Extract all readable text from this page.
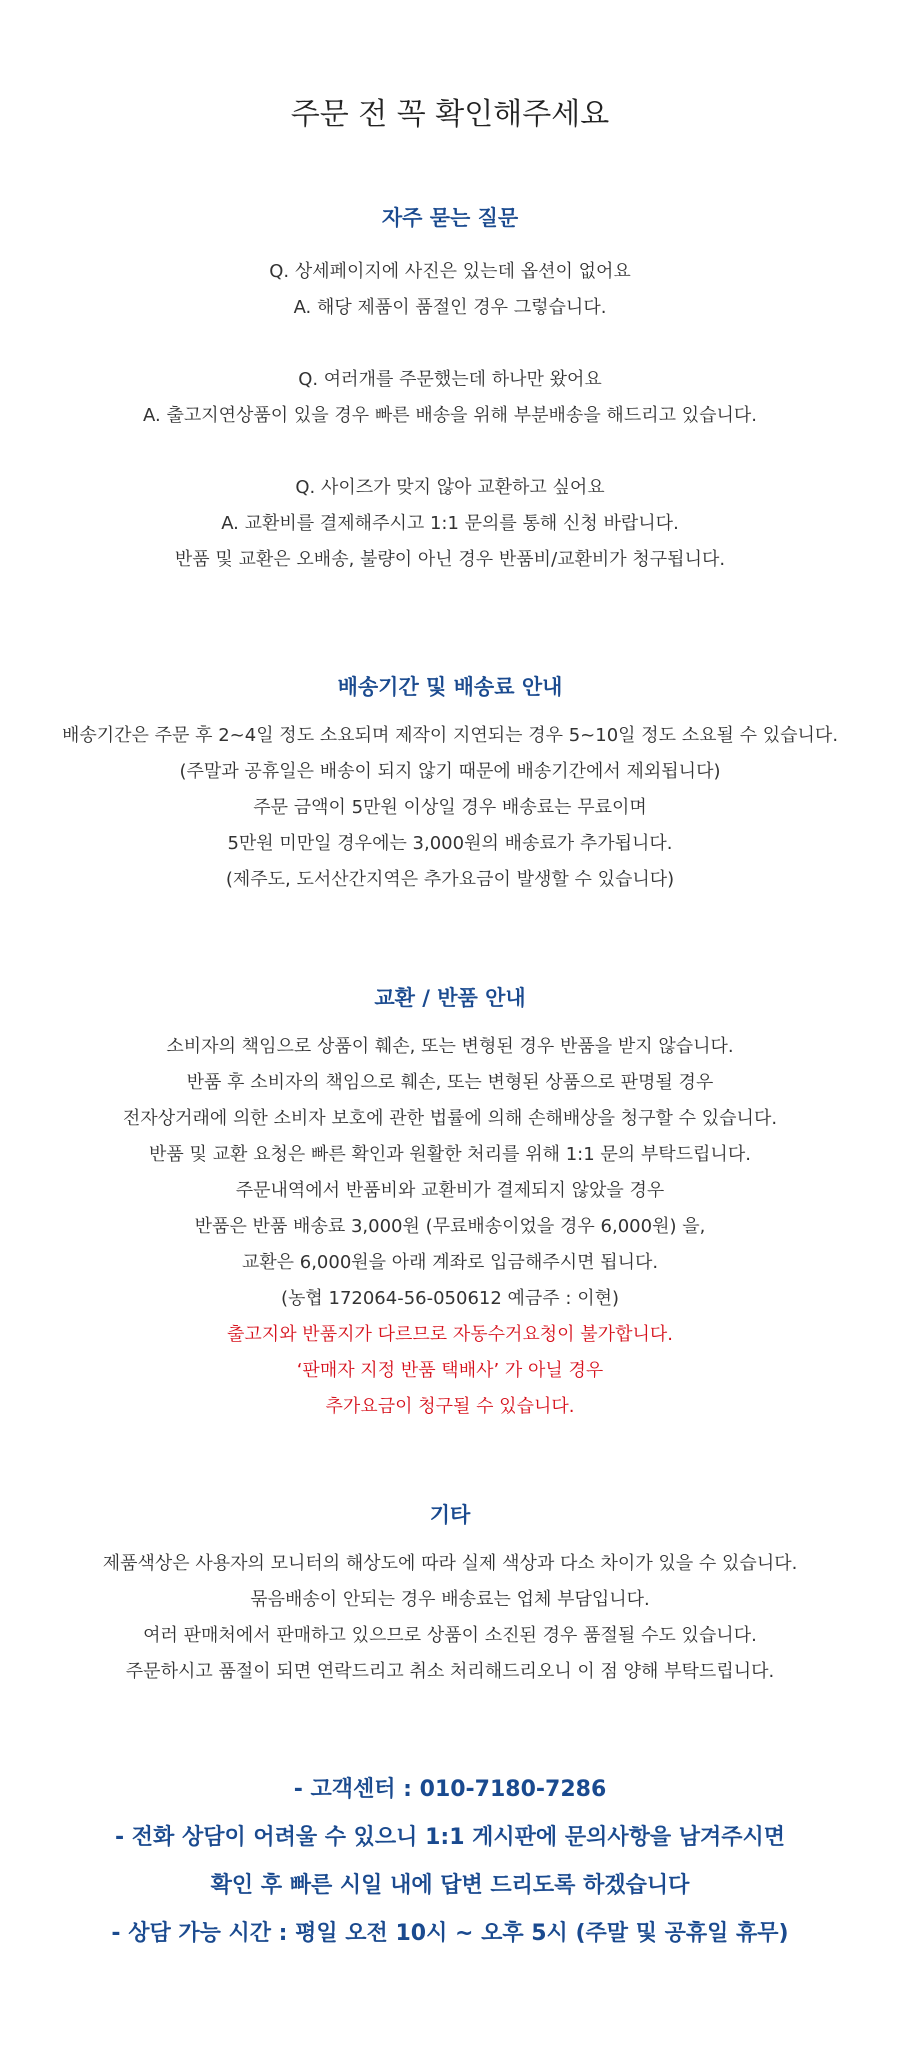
주문 전 꼭 확인해주세요
자주 묻는 질문
Q. 상세페이지에 사진은 있는데 옵션이 없어요
A. 해당 제품이 품절인 경우 그렇습니다.
Q. 여러개를 주문했는데 하나만 왔어요
A. 출고지연상품이 있을 경우 빠른 배송을 위해 부분배송을 해드리고 있습니다.
Q. 사이즈가 맞지 않아 교환하고 싶어요
A. 교환비를 결제해주시고 1:1 문의를 통해 신청 바랍니다.
반품 및 교환은 오배송, 불량이 아닌 경우 반품비/교환비가 청구됩니다.
배송기간 및 배송료 안내
배송기간은 주문 후 2~4일 정도 소요되며 제작이 지연되는 경우 5~10일 정도 소요될 수 있습니다.
(주말과 공휴일은 배송이 되지 않기 때문에 배송기간에서 제외됩니다)
주문 금액이 5만원 이상일 경우 배송료는 무료이며
5만원 미만일 경우에는 3,000원의 배송료가 추가됩니다.
(제주도, 도서산간지역은 추가요금이 발생할 수 있습니다)
교환 / 반품 안내
소비자의 책임으로 상품이 훼손, 또는 변형된 경우 반품을 받지 않습니다.
반품 후 소비자의 책임으로 훼손, 또는 변형된 상품으로 판명될 경우
전자상거래에 의한 소비자 보호에 관한 법률에 의해 손해배상을 청구할 수 있습니다.
반품 및 교환 요청은 빠른 확인과 원활한 처리를 위해 1:1 문의 부탁드립니다.
주문내역에서 반품비와 교환비가 결제되지 않았을 경우
반품은 반품 배송료 3,000원 (무료배송이었을 경우 6,000원) 을,
교환은 6,000원을 아래 계좌로 입금해주시면 됩니다.
(농협 172064-56-050612 예금주 : 이현)
출고지와 반품지가 다르므로 자동수거요청이 불가합니다.
‘판매자 지정 반품 택배사’ 가 아닐 경우
추가요금이 청구될 수 있습니다.
기타
제품색상은 사용자의 모니터의 해상도에 따라 실제 색상과 다소 차이가 있을 수 있습니다.
묶음배송이 안되는 경우 배송료는 업체 부담입니다.
여러 판매처에서 판매하고 있으므로 상품이 소진된 경우 품절될 수도 있습니다.
주문하시고 품절이 되면 연락드리고 취소 처리해드리오니 이 점 양해 부탁드립니다.
- 고객센터 : 010-7180-7286
- 전화 상담이 어려울 수 있으니 1:1 게시판에 문의사항을 남겨주시면
확인 후 빠른 시일 내에 답변 드리도록 하겠습니다
- 상담 가능 시간 : 평일 오전 10시 ~ 오후 5시 (주말 및 공휴일 휴무)
